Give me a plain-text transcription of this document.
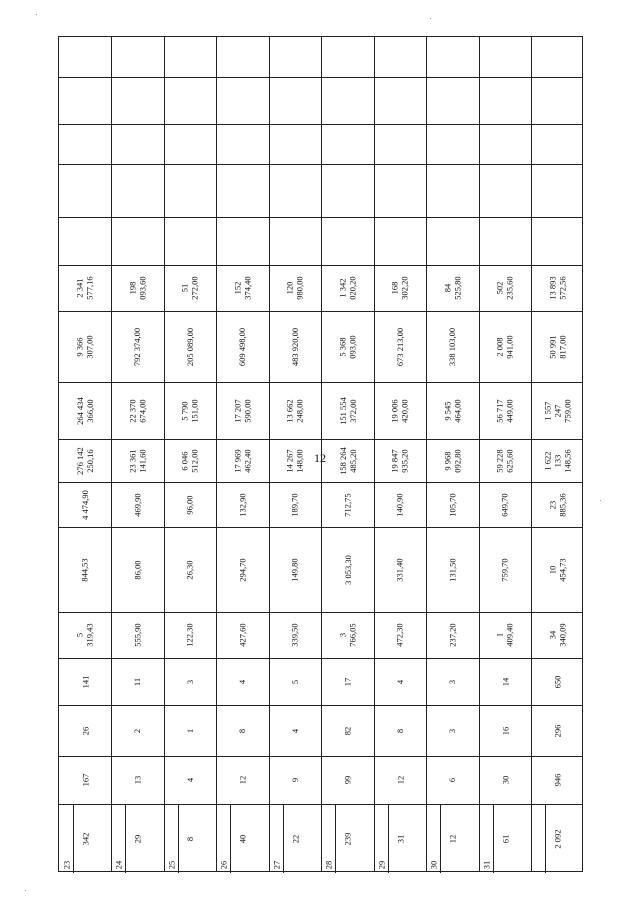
12
2 341
577,16
9 366
307,00
264 434
366,00
276 142
250,16
4 474,90
844,53
5
319,43
141
26
167
342
23
198
093,60
792 374,00
22 370
674,00
23 361
141,60
469,90
86,00
555,90
11
2
13
29
24
51
272,00
205 089,00
5 790
151,00
6 046
512,00
96,00
26,30
122,30
3
1
4
8
25
152
374,40
609 498,00
17 207
590,00
17 969
462,40
132,90
294,70
427,60
4
8
12
40
26
120
980,00
483 920,00
13 662
248,00
14 267
148,00
189,70
149,80
339,50
5
4
9
22
27
1 342
020,20
5 368
093,00
151 554
372,00
158 264
485,20
712,75
3 053,30
3
766,05
17
82
99
239
28
168
302,20
673 213,00
19 006
420,00
19 847
935,20
140,90
331,40
472,30
4
8
12
31
29
84
525,80
338 103,00
9 545
464,00
9 968
092,80
105,70
131,50
237,20
3
3
6
12
30
502
235,60
2 008
941,00
56 717
449,00
59 228
625,60
649,70
759,70
1
409,40
14
16
30
61
31
13 893
572,56
50 991
817,00
1 557
247
759,00
1 622
133
148,56
23
885,36
10
454,73
34
340,09
650
296
946
2 092
